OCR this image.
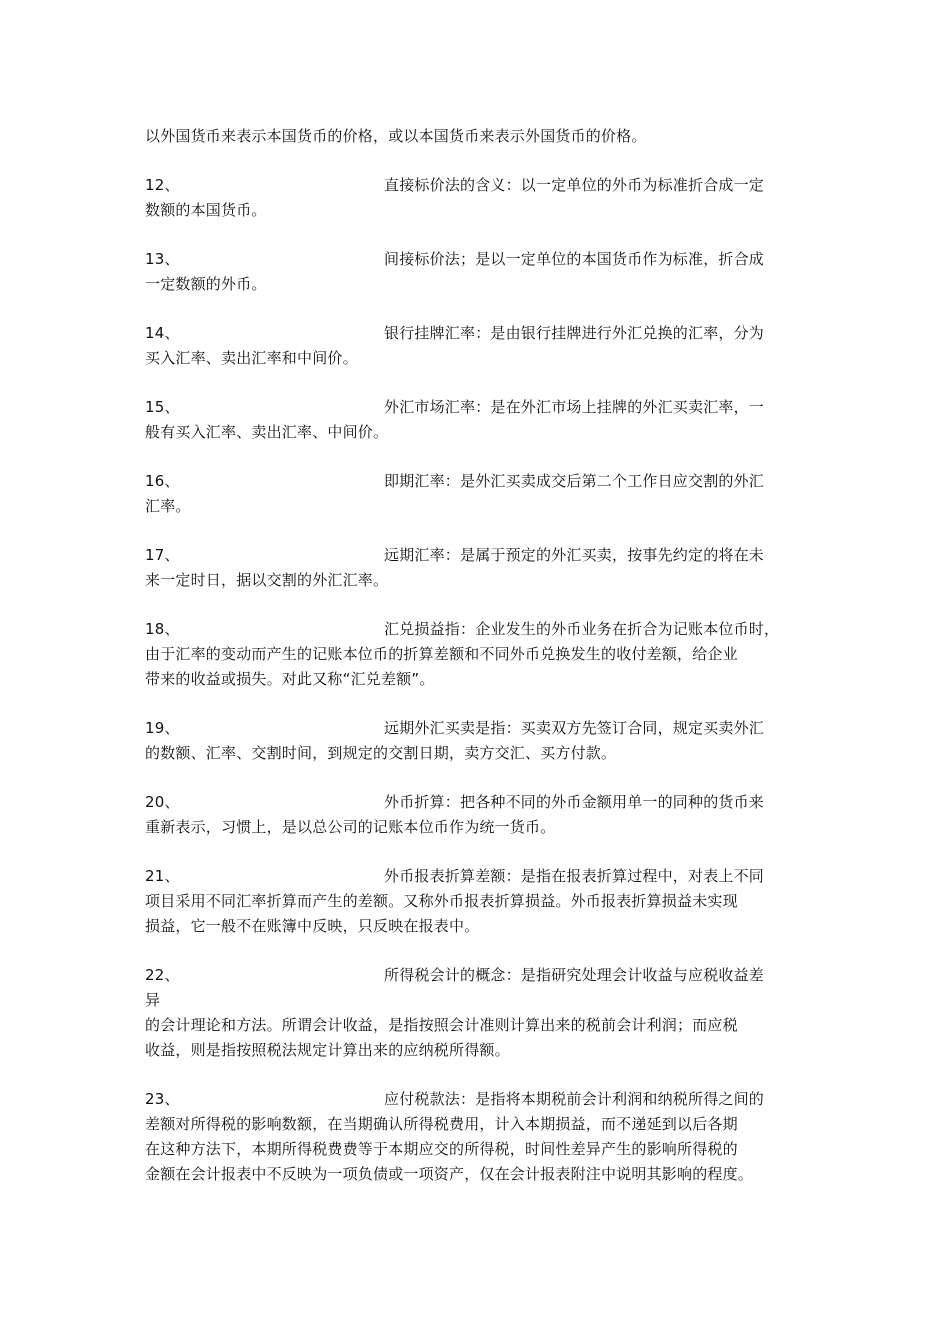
以外国货币来表示本国货币的价格，或以本国货币来表示外国货币的价格。
12、	直接标价法的含义：以一定单位的外币为标准折合成一定
数额的本国货币。
13、	间接标价法；是以一定单位的本国货币作为标准，折合成
一定数额的外币。
14、	银行挂牌汇率：是由银行挂牌进行外汇兑换的汇率，分为
买入汇率、卖出汇率和中间价。
15、	外汇市场汇率：是在外汇市场上挂牌的外汇买卖汇率，一
般有买入汇率、卖出汇率、中间价。
16、	即期汇率：是外汇买卖成交后第二个工作日应交割的外汇
汇率。
17、	远期汇率：是属于预定的外汇买卖，按事先约定的将在未
来一定时日，据以交割的外汇汇率。
18、	汇兑损益指：企业发生的外币业务在折合为记账本位币时，
由于汇率的变动而产生的记账本位币的折算差额和不同外币兑换发生的收付差额，给企业
带来的收益或损失。对此又称“汇兑差额”。
19、	远期外汇买卖是指：买卖双方先签订合同，规定买卖外汇
的数额、汇率、交割时间，到规定的交割日期，卖方交汇、买方付款。
20、	外币折算：把各种不同的外币金额用单一的同种的货币来
重新表示，习惯上，是以总公司的记账本位币作为统一货币。
21、	外币报表折算差额：是指在报表折算过程中，对表上不同
项目采用不同汇率折算而产生的差额。又称外币报表折算损益。外币报表折算损益未实现
损益，它一般不在账簿中反映，只反映在报表中。
22、	所得税会计的概念：是指研究处理会计收益与应税收益差
异
的会计理论和方法。所谓会计收益，是指按照会计准则计算出来的税前会计利润；而应税
收益，则是指按照税法规定计算出来的应纳税所得额。
23、	应付税款法：是指将本期税前会计利润和纳税所得之间的
差额对所得税的影响数额，在当期确认所得税费用，计入本期损益，而不递延到以后各期
在这种方法下，本期所得税费费等于本期应交的所得税，时间性差异产生的影响所得税的
金额在会计报表中不反映为一项负债或一项资产，仅在会计报表附注中说明其影响的程度。
